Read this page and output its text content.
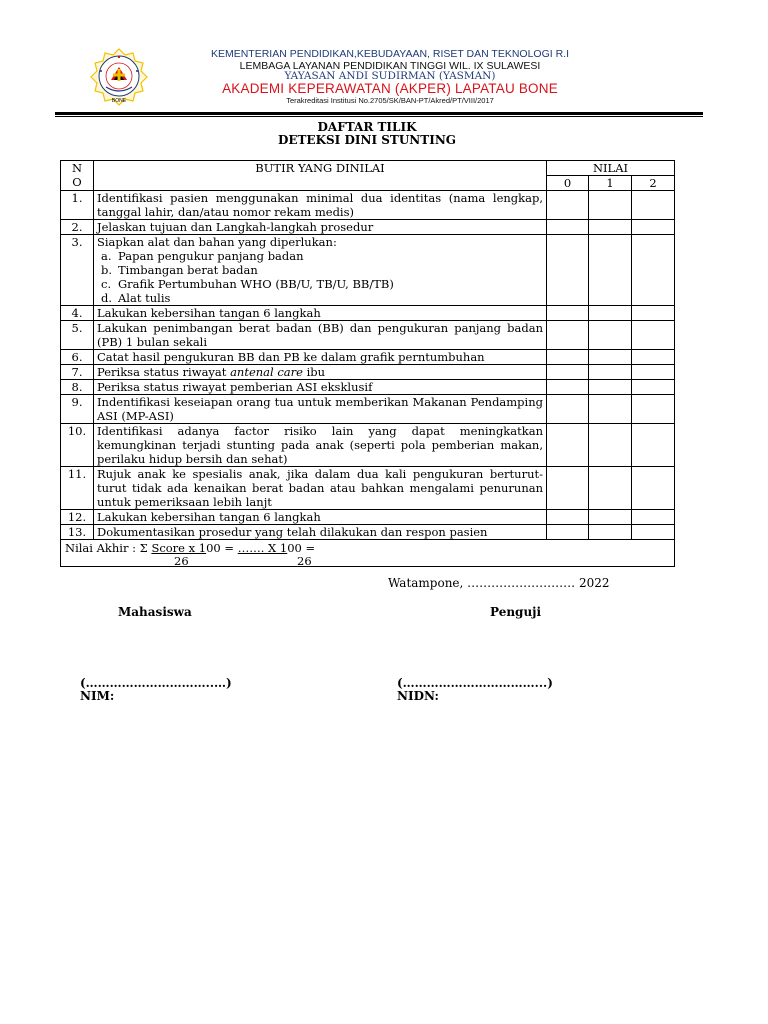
BONE
KEMENTERIAN PENDIDIKAN,KEBUDAYAAN, RISET DAN TEKNOLOGI R.I
LEMBAGA LAYANAN PENDIDIKAN TINGGI WIL. IX SULAWESI
YAYASAN ANDI SUDIRMAN (YASMAN)
AKADEMI KEPERAWATAN (AKPER) LAPATAU BONE
Terakreditasi Institusi No.2705/SK/BAN-PT/Akred/PT/VIII/2017
DAFTAR TILIK
DETEKSI DINI STUNTING
N
O	BUTIR YANG DINILAI	NILAI		
		0	1	2
1.	Identifikasi pasien menggunakan minimal dua identitas (nama lengkap, tanggal lahir, dan/atau nomor rekam medis)			
2.	Jelaskan tujuan dan Langkah-langkah prosedur			
3.	Siapkan alat dan bahan yang diperlukan:
a. Papan pengukur panjang badan
b. Timbangan berat badan
c. Grafik Pertumbuhan WHO (BB/U, TB/U, BB/TB)
d. Alat tulis			

4.	Lakukan kebersihan tangan 6 langkah			
5.	Lakukan penimbangan berat badan (BB) dan pengukuran panjang badan (PB) 1 bulan sekali			
6.	Catat hasil pengukuran BB dan PB ke dalam grafik perntumbuhan			
7.	Periksa status riwayat antenal care ibu			
8.	Periksa status riwayat pemberian ASI eksklusif			
9.	Indentifikasi keseiapan orang tua untuk memberikan Makanan Pendamping ASI (MP-ASI)			
10.	Identifikasi adanya factor risiko lain yang dapat meningkatkan kemungkinan terjadi stunting pada anak (seperti pola pemberian makan, perilaku hidup bersih dan sehat)			
11.	Rujuk anak ke spesialis anak, jika dalam dua kali pengukuran berturut-turut tidak ada kenaikan berat badan atau bahkan mengalami penurunan untuk pemeriksaan lebih lanjt			
12.	Lakukan kebersihan tangan 6 langkah			
13.	Dokumentasikan prosedur yang telah dilakukan dan respon pasien			

Nilai Akhir : Σ Score x 100 = ……. X 100 =
26 26				
Watampone, ……………………… 2022
Mahasiswa	Penguji
(…………………………..…)	(……………………………...)
NIM:	NIDN:
